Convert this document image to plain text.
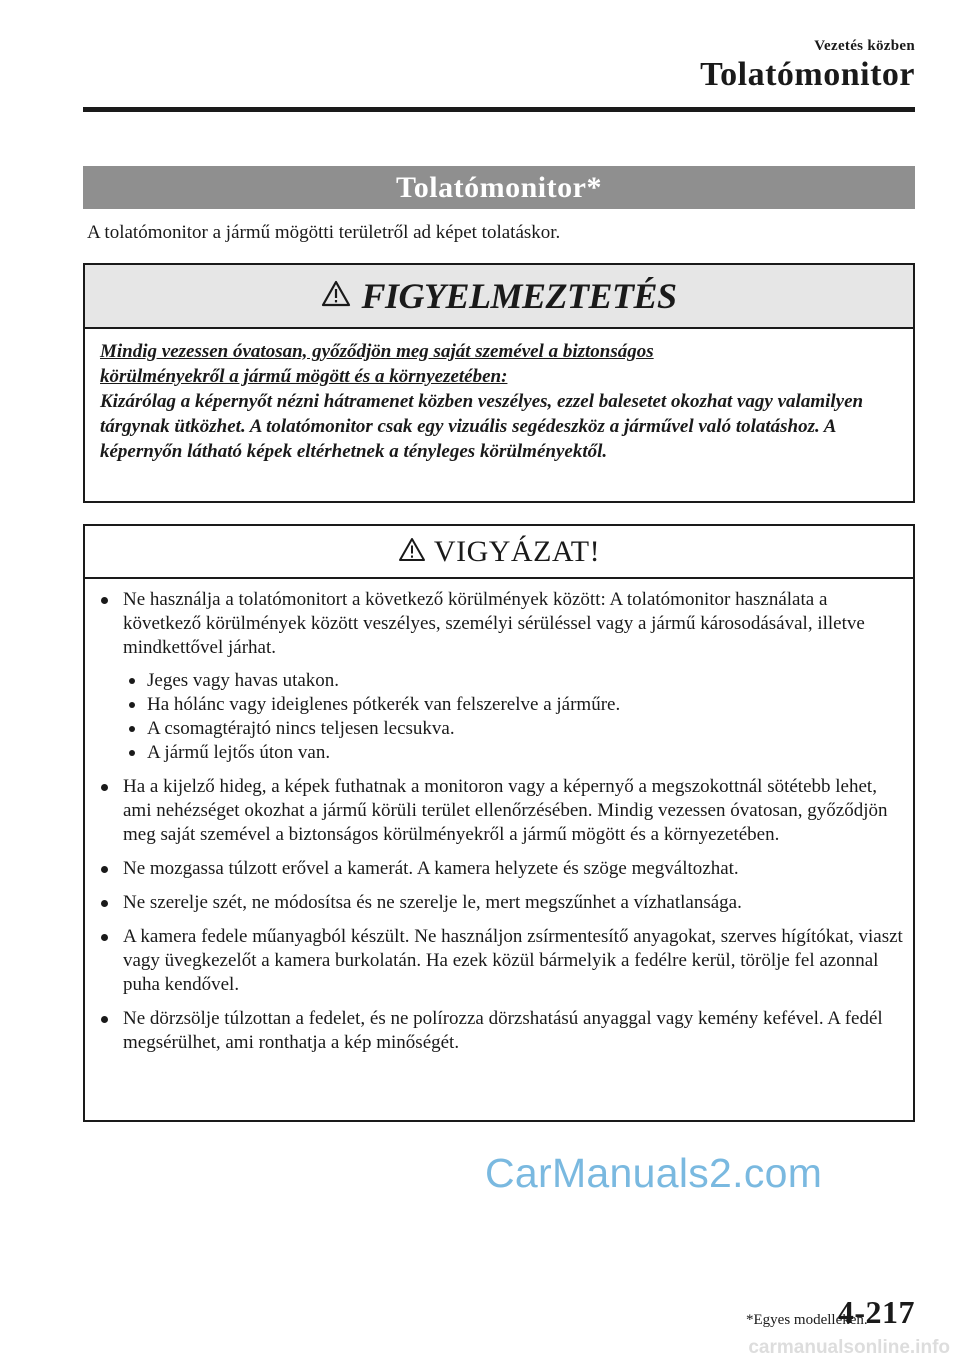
Vezetés közben
Tolatómonitor
Tolatómonitor*
A tolatómonitor a jármű mögötti területről ad képet tolatáskor.
FIGYELMEZTETÉS
Mindig vezessen óvatosan, győződjön meg saját szemével a biztonságos
körülményekről a jármű mögött és a környezetében:
Kizárólag a képernyőt nézni hátramenet közben veszélyes, ezzel balesetet okozhat vagy valamilyen tárgynak ütközhet. A tolatómonitor csak egy vizuális segédeszköz a járművel való tolatáshoz. A képernyőn látható képek eltérhetnek a tényleges körülményektől.
VIGYÁZAT!
Ne használja a tolatómonitort a következő körülmények között: A tolatómonitor használata a következő körülmények között veszélyes, személyi sérüléssel vagy a jármű károsodásával, illetve mindkettővel járhat.
Jeges vagy havas utakon.
Ha hólánc vagy ideiglenes pótkerék van felszerelve a járműre.
A csomagtérajtó nincs teljesen lecsukva.
A jármű lejtős úton van.
Ha a kijelző hideg, a képek futhatnak a monitoron vagy a képernyő a megszokottnál sötétebb lehet, ami nehézséget okozhat a jármű körüli terület ellenőrzésében. Mindig vezessen óvatosan, győződjön meg saját szemével a biztonságos körülményekről a jármű mögött és a környezetében.
Ne mozgassa túlzott erővel a kamerát. A kamera helyzete és szöge megváltozhat.
Ne szerelje szét, ne módosítsa és ne szerelje le, mert megszűnhet a vízhatlansága.
A kamera fedele műanyagból készült. Ne használjon zsírmentesítő anyagokat, szerves hígítókat, viaszt vagy üvegkezelőt a kamera burkolatán. Ha ezek közül bármelyik a fedélre kerül, törölje fel azonnal puha kendővel.
Ne dörzsölje túlzottan a fedelet, és ne polírozza dörzshatású anyaggal vagy kemény kefével. A fedél megsérülhet, ami ronthatja a kép minőségét.
CarManuals2.com
*Egyes modelleken.
4-217
carmanualsonline.info
